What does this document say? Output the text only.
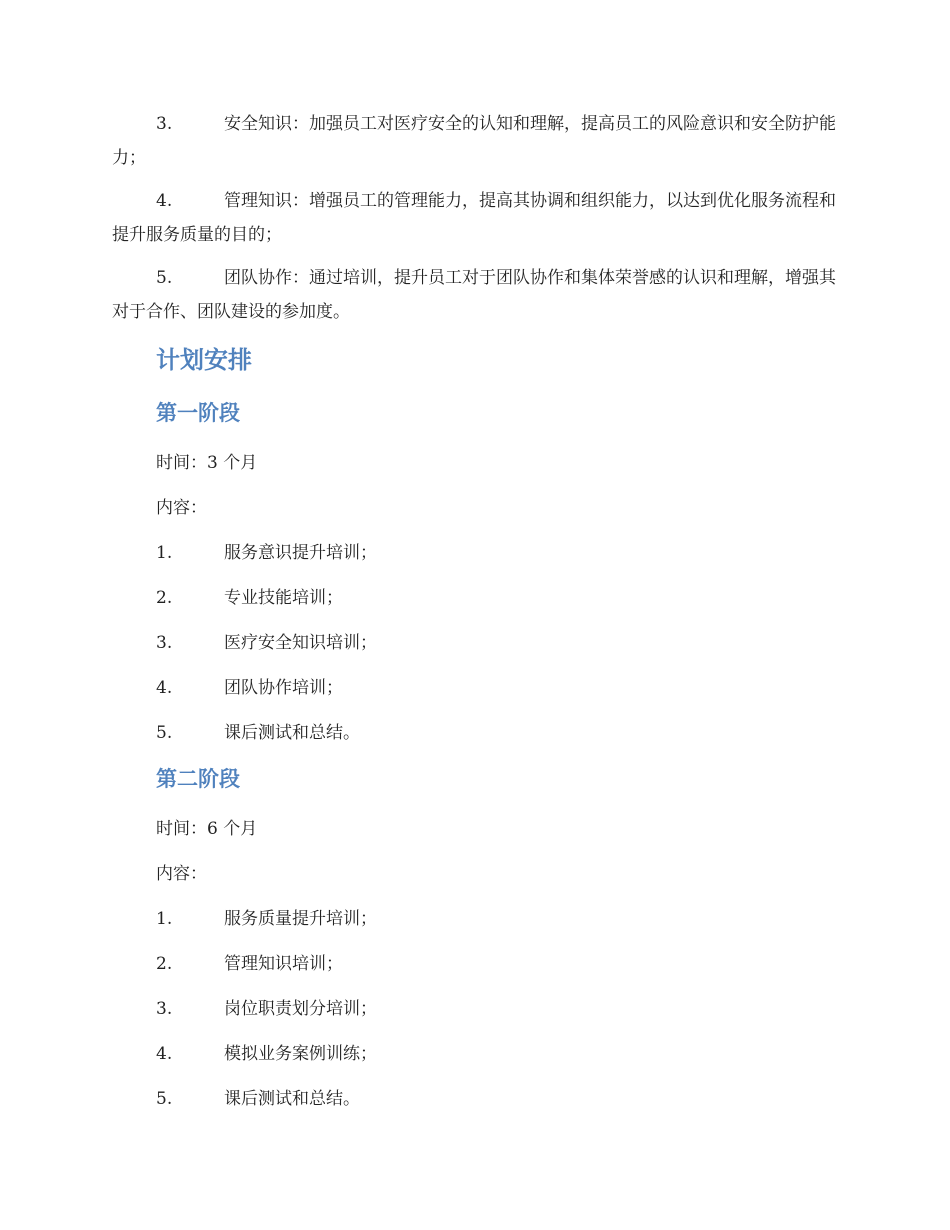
3.	安全知识：加强员工对医疗安全的认知和理解，提高员工的风险意识和安全防护能力；

4.	管理知识：增强员工的管理能力，提高其协调和组织能力，以达到优化服务流程和提升服务质量的目的；

5.	团队协作：通过培训，提升员工对于团队协作和集体荣誉感的认识和理解，增强其对于合作、团队建设的参加度。

计划安排
第一阶段

时间：3 个月

内容：

1.	服务意识提升培训；

2.	专业技能培训；

3.	医疗安全知识培训；

4.	团队协作培训；

5.	课后测试和总结。

第二阶段

时间：6 个月

内容：

1.	服务质量提升培训；

2.	管理知识培训；

3.	岗位职责划分培训；

4.	模拟业务案例训练；

5.	课后测试和总结。
